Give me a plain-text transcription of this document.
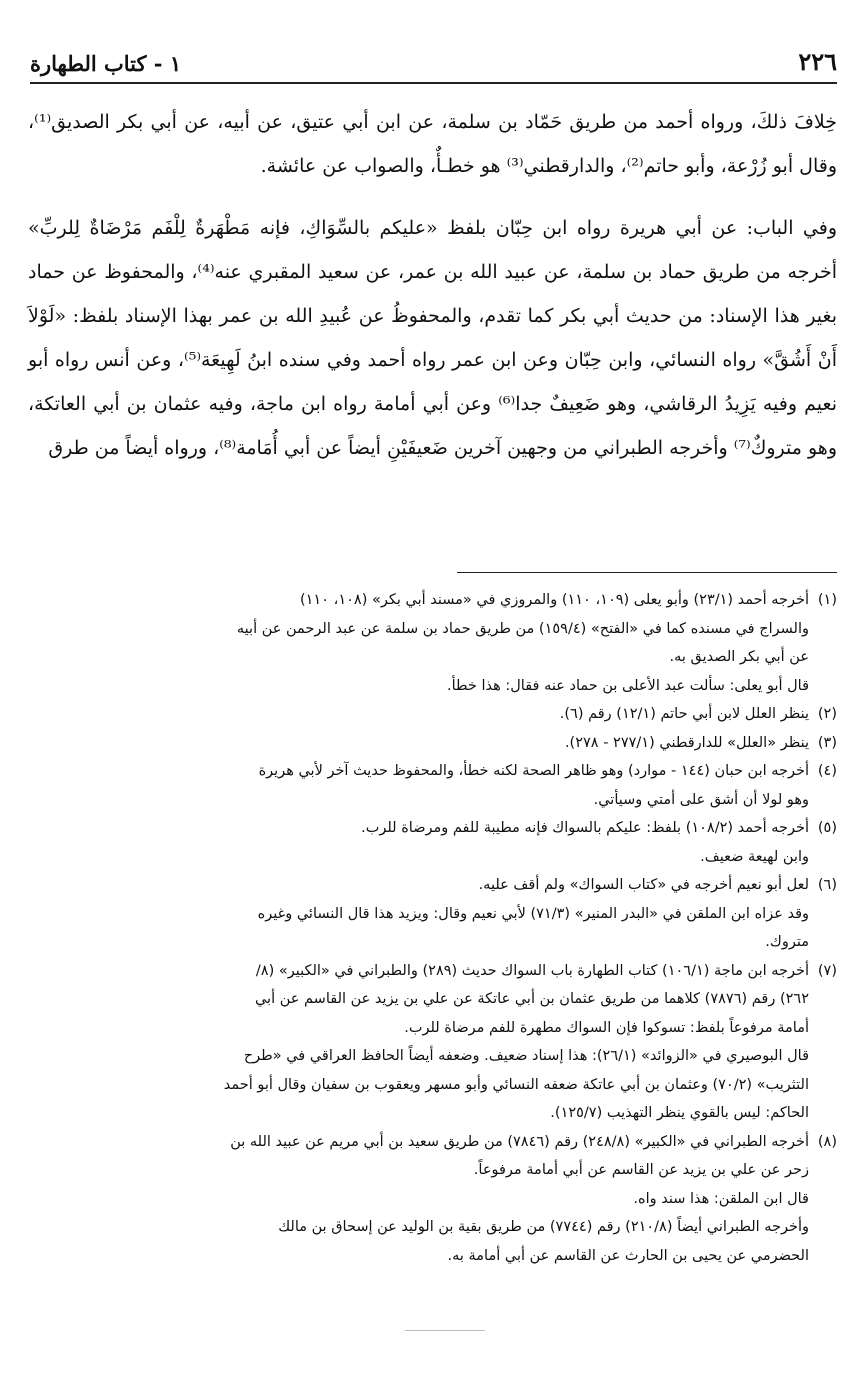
٢٢٦
١ - كتاب الطهارة

خِلافَ ذلكَ، ورواه أحمد من طريق حَمّاد بن سلمة، عن ابن أبي عتيق، عن أبيه، عن أبي بكر الصديق⁽¹⁾، وقال أبو زُرْعة، وأبو حاتم⁽²⁾، والدارقطني⁽³⁾ هو خطـأٌ، والصواب عن عائشة.

وفي الباب: عن أبي هريرة رواه ابن حِبّان بلفظ «عليكم بالسِّوَاكِ، فإنه مَطْهَرةٌ لِلْفَم مَرْضَاةٌ لِلربِّ» أخرجه من طريق حماد بن سلمة، عن عبيد الله بن عمر، عن سعيد المقبري عنه⁽⁴⁾، والمحفوظ عن حماد بغير هذا الإسناد: من حديث أبي بكر كما تقدم، والمحفوظُ عن عُبيدِ الله بن عمر بهذا الإسناد بلفظ: «لَوْلاَ أَنْ أَشُقَّ» رواه النسائي، وابن حِبّان وعن ابن عمر رواه أحمد وفي سنده ابنُ لَهِيعَة⁽⁵⁾، وعن أنس رواه أبو نعيم وفيه يَزِيدُ الرقاشي، وهو ضَعِيفٌ جدا⁽⁶⁾ وعن أبي أمامة رواه ابن ماجة، وفيه عثمان بن أبي العاتكة، وهو متروكٌ⁽⁷⁾ وأخرجه الطبراني من وجهين آخرين ضَعيفَيْنِ أيضاً عن أبي أُمَامة⁽⁸⁾، ورواه أيضاً من طرق

(١)أخرجه أحمد (٢٣/١) وأبو يعلى (١٠٩، ١١٠) والمروزي في «مسند أبي بكر» (١٠٨، ١١٠)
والسراج في مسنده كما في «الفتح» (١٥٩/٤) من طريق حماد بن سلمة عن عبد الرحمن عن أبيه
عن أبي بكر الصديق به.
قال أبو يعلى: سألت عبد الأعلى بن حماد عنه فقال: هذا خطأ.
(٢)ينظر العلل لابن أبي حاتم (١٢/١) رقم (٦).
(٣)ينظر «العلل» للدارقطني (٢٧٧/١ - ٢٧٨).
(٤)أخرجه ابن حبان (١٤٤ - موارد) وهو ظاهر الصحة لكنه خطأ، والمحفوظ حديث آخر لأبي هريرة
وهو لولا أن أشق على أمتي وسيأتي.
(٥)أخرجه أحمد (١٠٨/٢) بلفظ: عليكم بالسواك فإنه مطيبة للفم ومرضاة للرب.
وابن لهيعة ضعيف.
(٦)لعل أبو نعيم أخرجه في «كتاب السواك» ولم أقف عليه.
وقد عزاه ابن الملقن في «البدر المنير» (٧١/٣) لأبي نعيم وقال: ويزيد هذا قال النسائي وغيره
متروك.
(٧)أخرجه ابن ماجة (١٠٦/١) كتاب الطهارة باب السواك حديث (٢٨٩) والطبراني في «الكبير» (٨/
٢٦٢) رقم (٧٨٧٦) كلاهما من طريق عثمان بن أبي عاتكة عن علي بن يزيد عن القاسم عن أبي
أمامة مرفوعاً بلفظ: تسوكوا فإن السواك مطهرة للفم مرضاة للرب.
قال البوصيري في «الزوائد» (٢٦/١): هذا إسناد ضعيف. وضعفه أيضاً الحافظ العراقي في «طرح
التثريب» (٧٠/٢) وعثمان بن أبي عاتكة ضعفه النسائي وأبو مسهر ويعقوب بن سفيان وقال أبو أحمد
الحاكم: ليس بالقوي ينظر التهذيب (١٢٥/٧).
(٨)أخرجه الطبراني في «الكبير» (٢٤٨/٨) رقم (٧٨٤٦) من طريق سعيد بن أبي مريم عن عبيد الله بن
زحر عن علي بن يزيد عن القاسم عن أبي أمامة مرفوعاً.
قال ابن الملقن: هذا سند واه.
وأخرجه الطبراني أيضاً (٢١٠/٨) رقم (٧٧٤٤) من طريق بقية بن الوليد عن إسحاق بن مالك
الحضرمي عن يحيى بن الحارث عن القاسم عن أبي أمامة به.
